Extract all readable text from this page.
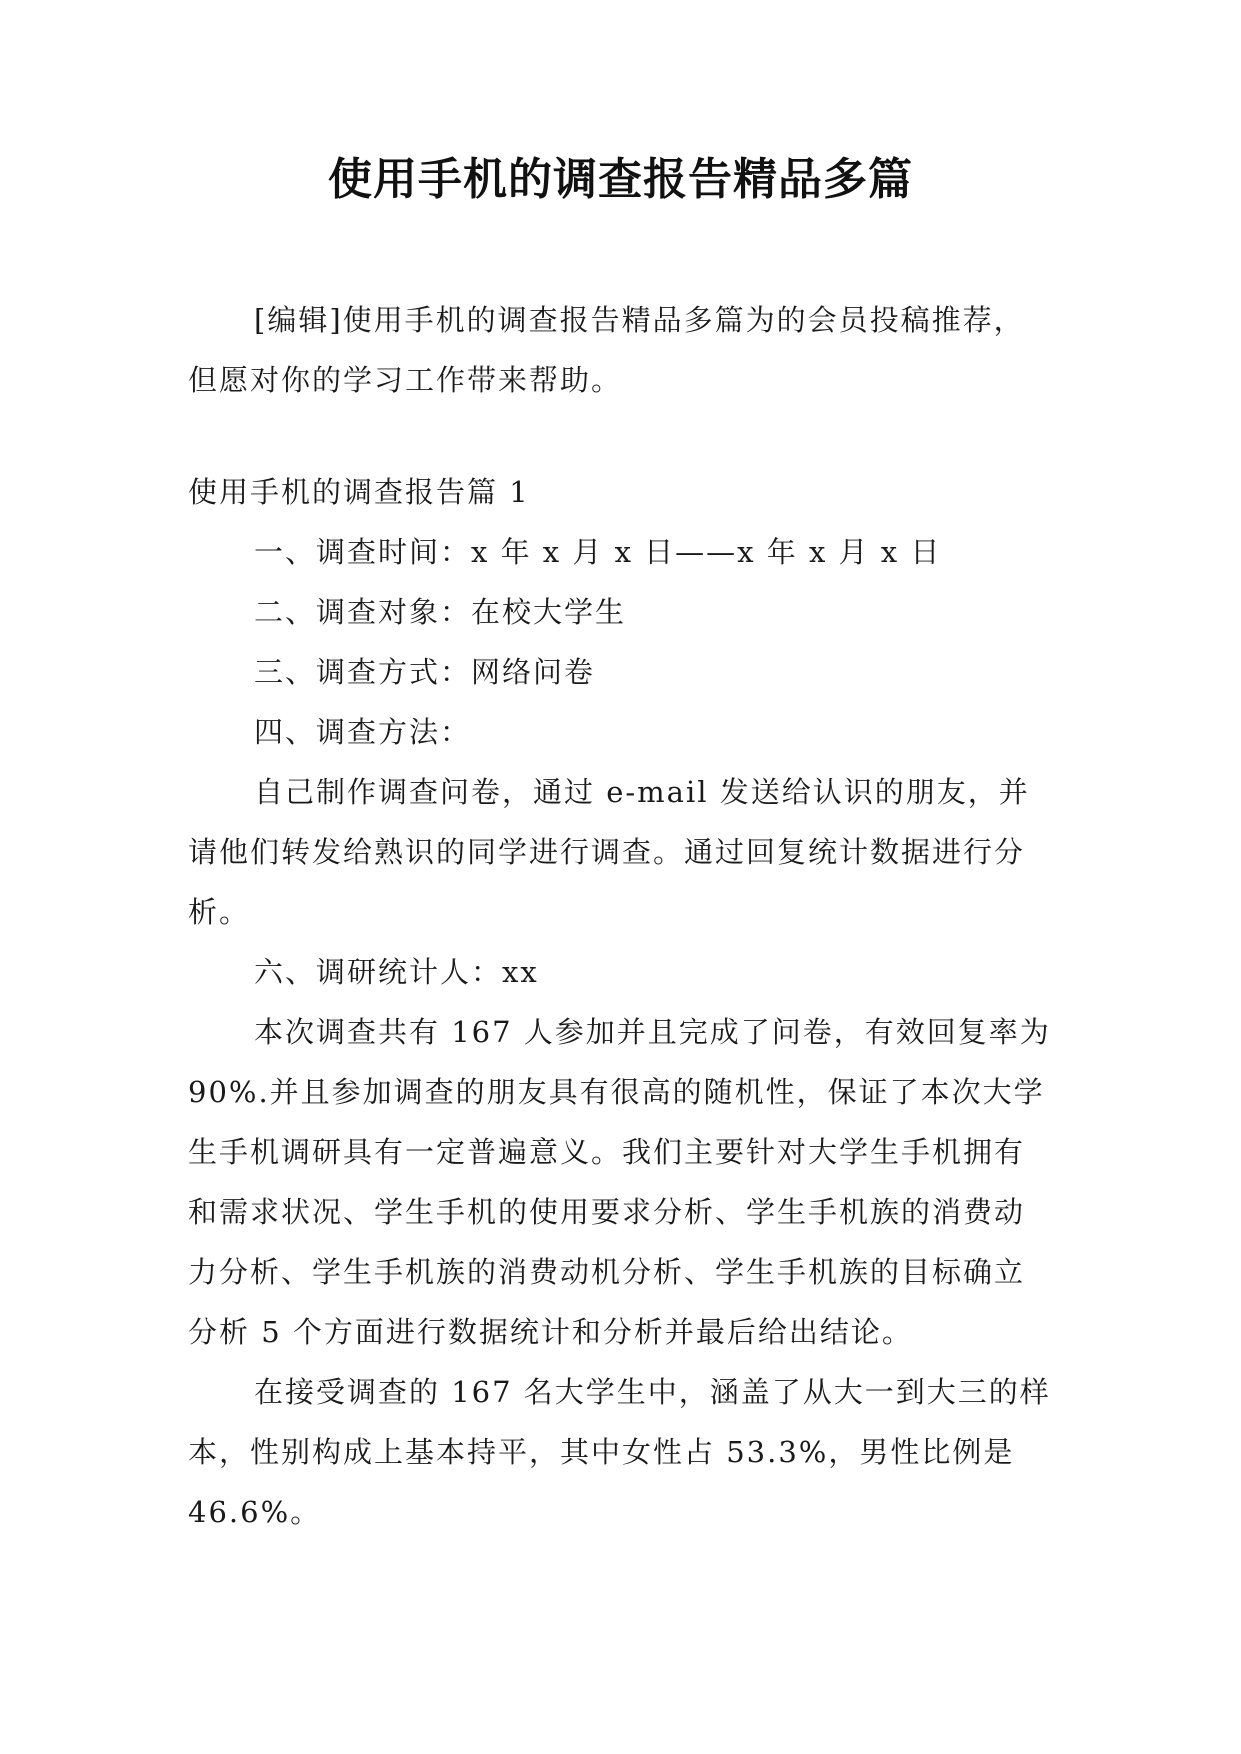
使用手机的调查报告精品多篇

[编辑]使用手机的调查报告精品多篇为的会员投稿推荐，但愿对你的学习工作带来帮助。

使用手机的调查报告篇 1

一、调查时间：x 年 x 月 x 日——x 年 x 月 x 日

二、调查对象：在校大学生

三、调查方式：网络问卷

四、调查方法：

自己制作调查问卷，通过 e-mail 发送给认识的朋友，并请他们转发给熟识的同学进行调查。通过回复统计数据进行分析。

六、调研统计人：xx

本次调查共有 167 人参加并且完成了问卷，有效回复率为 90%.并且参加调查的朋友具有很高的随机性，保证了本次大学生手机调研具有一定普遍意义。我们主要针对大学生手机拥有和需求状况、学生手机的使用要求分析、学生手机族的消费动力分析、学生手机族的消费动机分析、学生手机族的目标确立分析 5 个方面进行数据统计和分析并最后给出结论。

在接受调查的 167 名大学生中，涵盖了从大一到大三的样本，性别构成上基本持平，其中女性占 53.3%，男性比例是 46.6%。
